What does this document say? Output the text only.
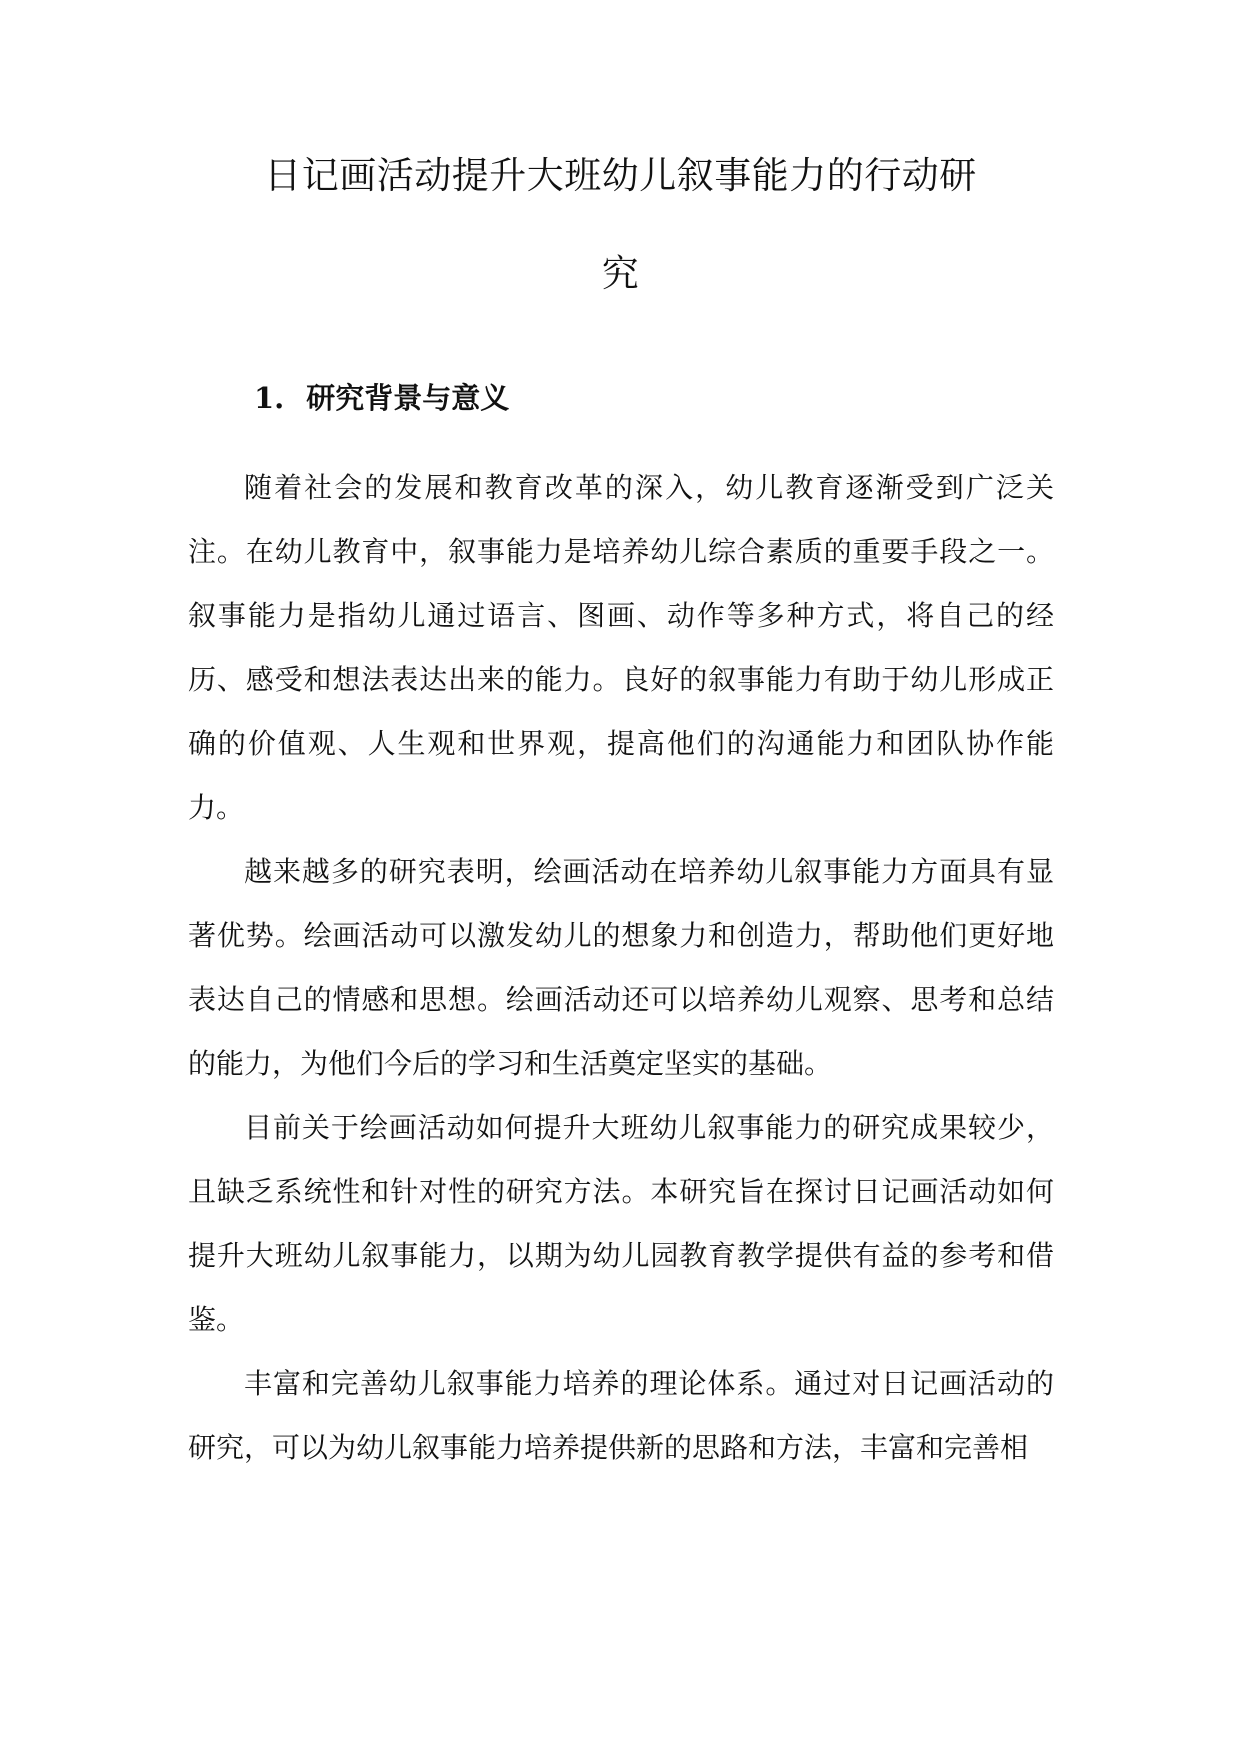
日记画活动提升大班幼儿叙事能力的行动研
究
1. 研究背景与意义

随着社会的发展和教育改革的深入，幼儿教育逐渐受到广泛关注。在幼儿教育中，叙事能力是培养幼儿综合素质的重要手段之一。叙事能力是指幼儿通过语言、图画、动作等多种方式，将自己的经历、感受和想法表达出来的能力。良好的叙事能力有助于幼儿形成正确的价值观、人生观和世界观，提高他们的沟通能力和团队协作能力。

越来越多的研究表明，绘画活动在培养幼儿叙事能力方面具有显著优势。绘画活动可以激发幼儿的想象力和创造力，帮助他们更好地表达自己的情感和思想。绘画活动还可以培养幼儿观察、思考和总结的能力，为他们今后的学习和生活奠定坚实的基础。

目前关于绘画活动如何提升大班幼儿叙事能力的研究成果较少，且缺乏系统性和针对性的研究方法。本研究旨在探讨日记画活动如何提升大班幼儿叙事能力，以期为幼儿园教育教学提供有益的参考和借鉴。

丰富和完善幼儿叙事能力培养的理论体系。通过对日记画活动的研究，可以为幼儿叙事能力培养提供新的思路和方法，丰富和完善相
